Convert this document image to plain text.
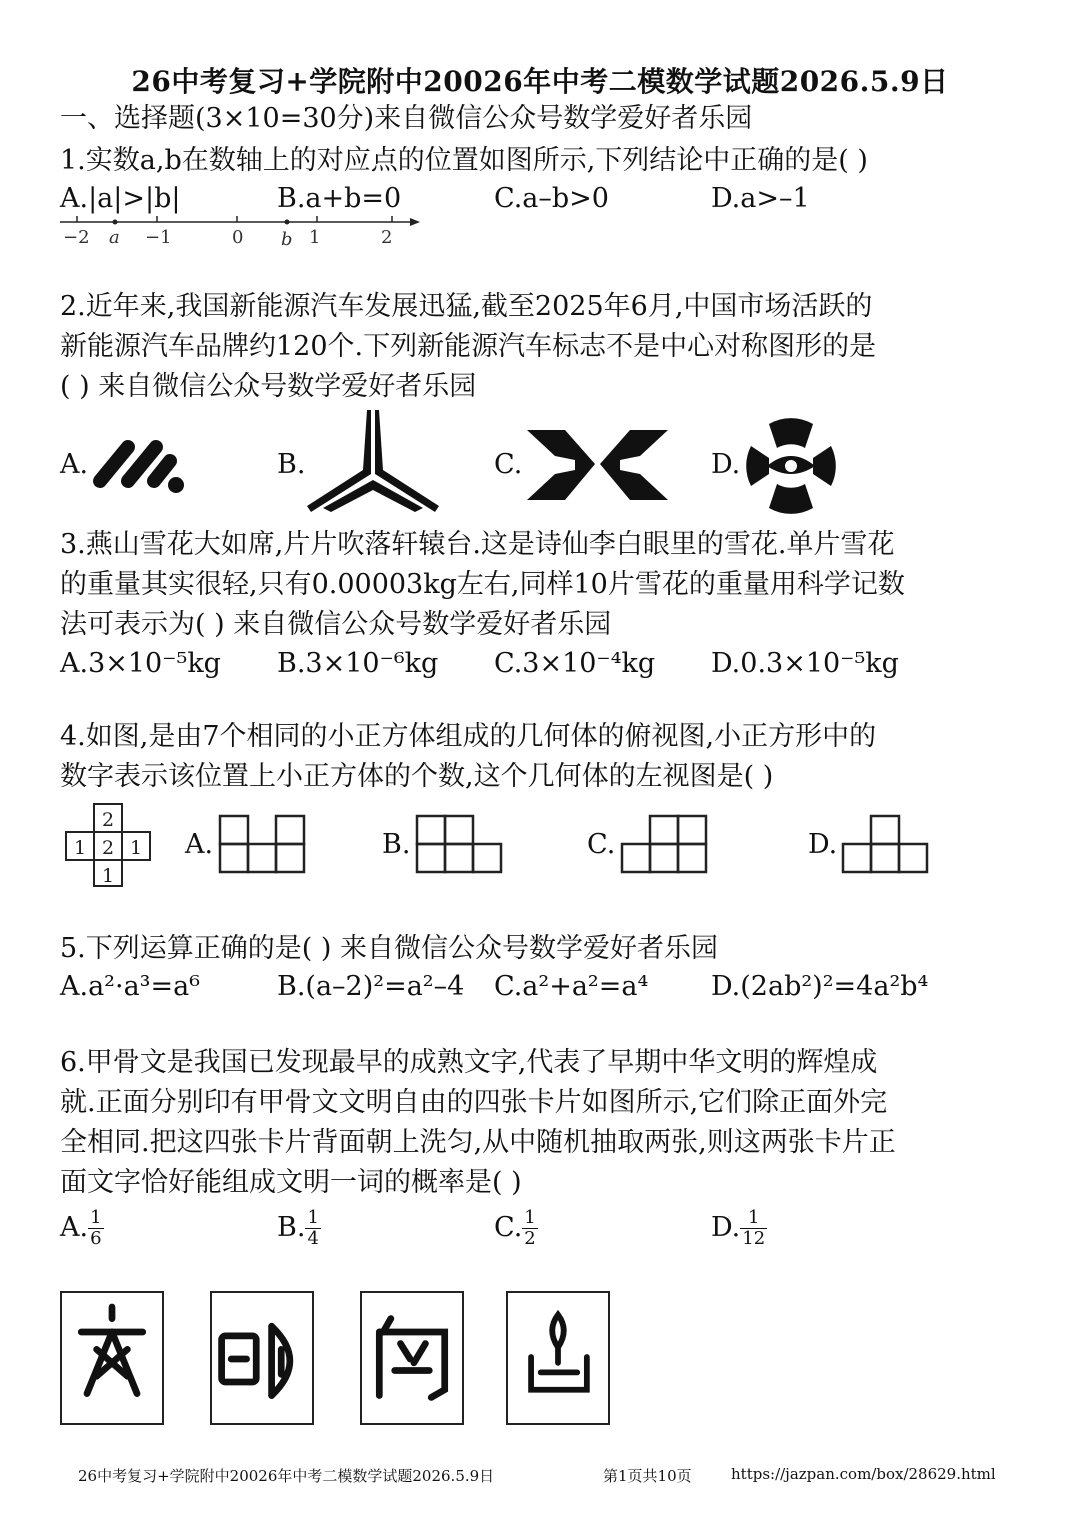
26中考复习+学院附中20026年中考二模数学试题2026.5.9日
一、选择题(3×10=30分)来自微信公众号数学爱好者乐园
1.实数a,b在数轴上的对应点的位置如图所示,下列结论中正确的是( )
A.|a|>|b|	B.a+b=0	C.a–b>0	D.a>–1
−2 a −1	0 b 1	2
2.近年来,我国新能源汽车发展迅猛,截至2025年6月,中国市场活跃的
新能源汽车品牌约120个.下列新能源汽车标志不是中心对称图形的是
( ) 来自微信公众号数学爱好者乐园
A.	B.	C.	D.
3.燕山雪花大如席,片片吹落轩辕台.这是诗仙李白眼里的雪花.单片雪花
的重量其实很轻,只有0.00003kg左右,同样10片雪花的重量用科学记数
法可表示为( ) 来自微信公众号数学爱好者乐园
A.3×10⁻⁵kg B.3×10⁻⁶kg C.3×10⁻⁴kg D.0.3×10⁻⁵kg
4.如图,是由7个相同的小正方体组成的几何体的俯视图,小正方形中的
数字表示该位置上小正方体的个数,这个几何体的左视图是( )
2
1 2 1
1
A.	B.	C.	D.
5.下列运算正确的是( ) 来自微信公众号数学爱好者乐园
A.a²·a³=a⁶	B.(a–2)²=a²–4 C.a²+a²=a⁴ D.(2ab²)²=4a²b⁴
6.甲骨文是我国已发现最早的成熟文字,代表了早期中华文明的辉煌成
就.正面分别印有甲骨文文明自由的四张卡片如图所示,它们除正面外完
全相同.把这四张卡片背面朝上洗匀,从中随机抽取两张,则这两张卡片正
面文字恰好能组成文明一词的概率是( )
A. $\frac{1}{6}$	B. $\frac{1}{4}$	C. $\frac{1}{2}$	D. $\frac{1}{12}$
26中考复习+学院附中20026年中考二模数学试题2026.5.9日	第1页共10页	https://jazpan.com/box/28629.html
